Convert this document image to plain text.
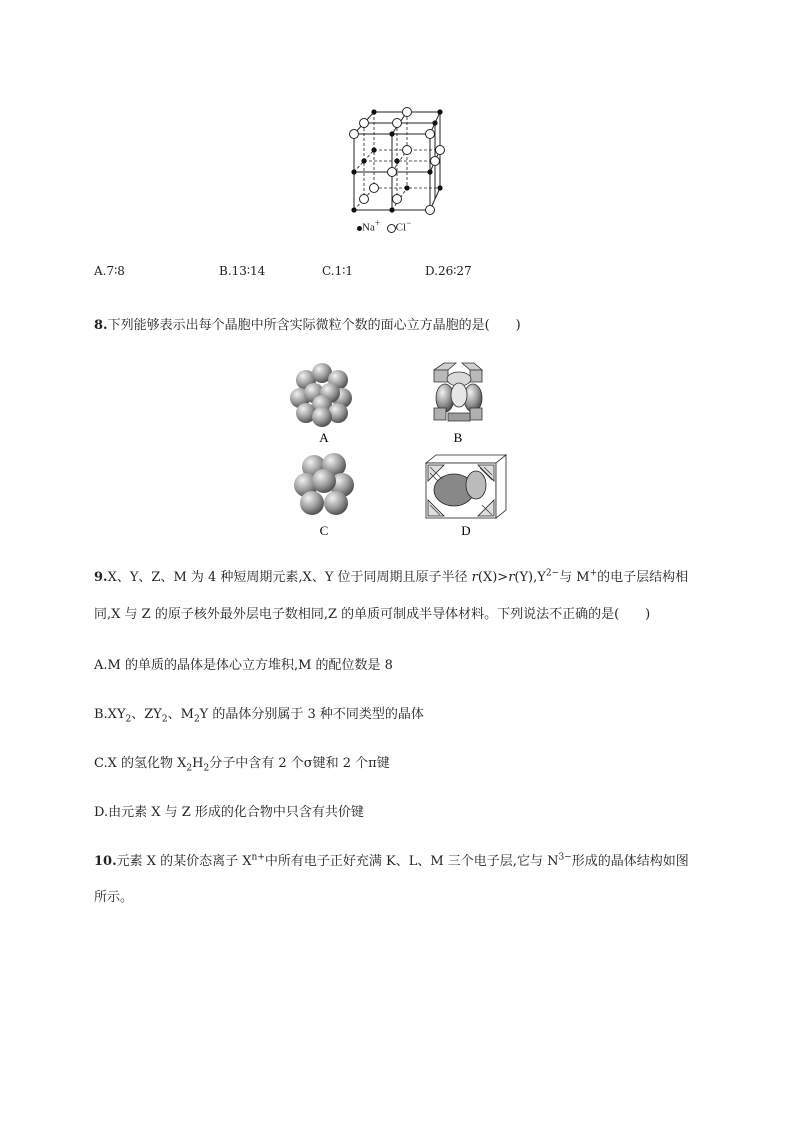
Na+ Cl−
A.7∶8	B.13∶14	C.1∶1	D.26∶27
8.下列能够表示出每个晶胞中所含实际微粒个数的面心立方晶胞的是(　　)
A	B
C	D
9.X、Y、Z、M 为 4 种短周期元素,X、Y 位于同周期且原子半径 $r(X)>r(Y),Y^{2-}$与 M+的电子层结构相
同,X 与 Z 的原子核外最外层电子数相同,Z 的单质可制成半导体材料。下列说法不正确的是(　　)
A.M 的单质的晶体是体心立方堆积,M 的配位数是 8
$B.XY_2$、$ZY_2$、$M_2Y$ 的晶体分别属于 3 种不同类型的晶体
C.X 的氢化物 $X_2H_2$分子中含有 2 个σ键和 2 个π键
D.由元素 X 与 Z 形成的化合物中只含有共价键
10.元素 X 的某价态离子 $X^{n+}$中所有电子正好充满 K、L、M 三个电子层,它与 $N^{3-}$形成的晶体结构如图
所示。
